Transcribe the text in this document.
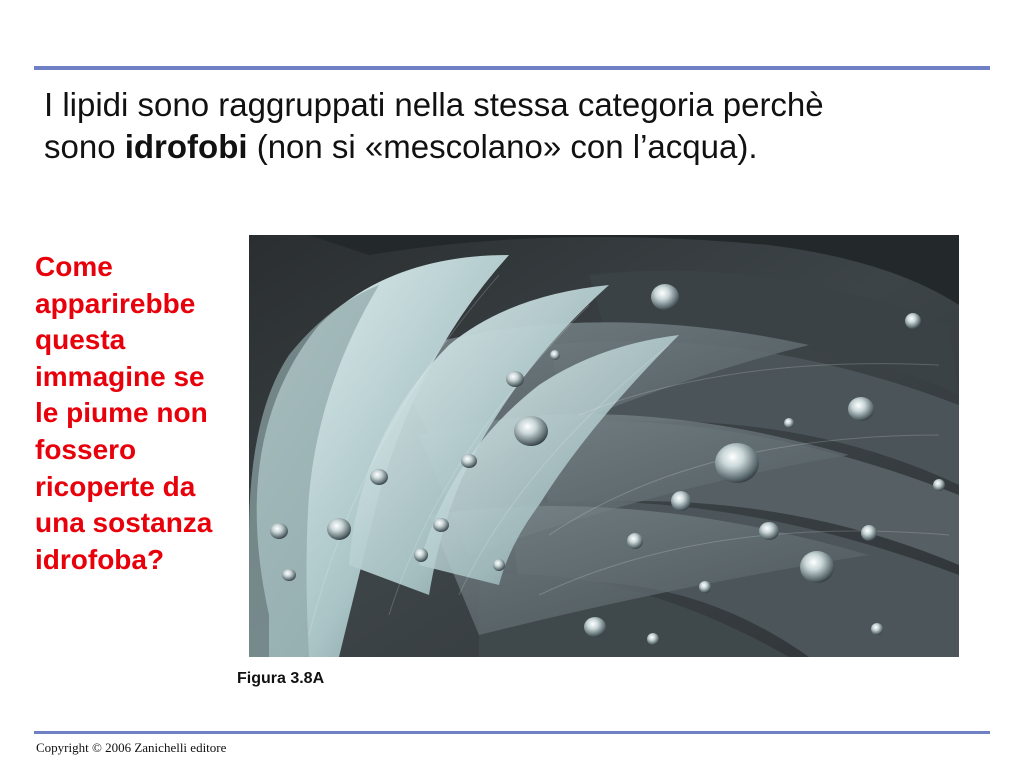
I lipidi sono raggruppati nella stessa categoria perchè
sono idrofobi (non si «mescolano» con l’acqua).
Come
apparirebbe
questa
immagine se
le piume non
fossero
ricoperte da
una sostanza
idrofoba?
Figura 3.8A
Copyright © 2006 Zanichelli editore
